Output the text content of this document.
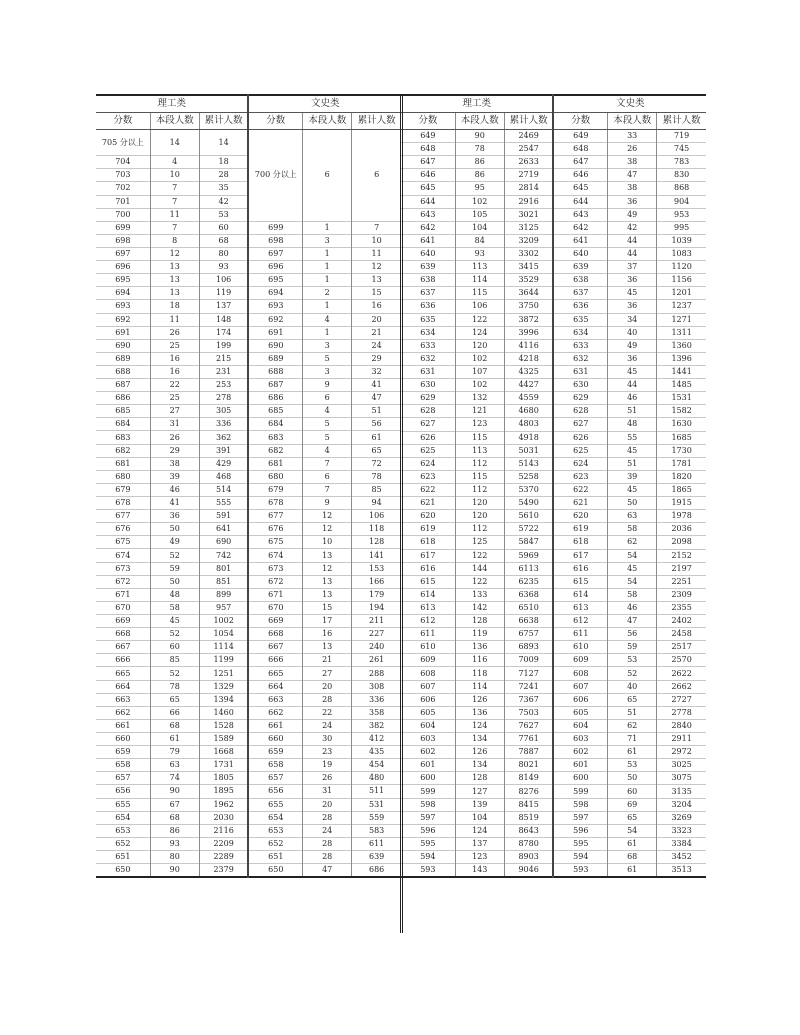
理工类			文史类		
分数	本段人数	累计人数	分数	本段人数	累计人数
705 分以上	14	14	700 分以上	6	6
704	4	18			
703	10	28			
702	7	35			
701	7	42			
700	11	53			
699	7	60	699	1	7
698	8	68	698	3	10
697	12	80	697	1	11
696	13	93	696	1	12
695	13	106	695	1	13
694	13	119	694	2	15
693	18	137	693	1	16
692	11	148	692	4	20
691	26	174	691	1	21
690	25	199	690	3	24
689	16	215	689	5	29
688	16	231	688	3	32
687	22	253	687	9	41
686	25	278	686	6	47
685	27	305	685	4	51
684	31	336	684	5	56
683	26	362	683	5	61
682	29	391	682	4	65
681	38	429	681	7	72
680	39	468	680	6	78
679	46	514	679	7	85
678	41	555	678	9	94
677	36	591	677	12	106
676	50	641	676	12	118
675	49	690	675	10	128
674	52	742	674	13	141
673	59	801	673	12	153
672	50	851	672	13	166
671	48	899	671	13	179
670	58	957	670	15	194
669	45	1002	669	17	211
668	52	1054	668	16	227
667	60	1114	667	13	240
666	85	1199	666	21	261
665	52	1251	665	27	288
664	78	1329	664	20	308
663	65	1394	663	28	336
662	66	1460	662	22	358
661	68	1528	661	24	382
660	61	1589	660	30	412
659	79	1668	659	23	435
658	63	1731	658	19	454
657	74	1805	657	26	480
656	90	1895	656	31	511
655	67	1962	655	20	531
654	68	2030	654	28	559
653	86	2116	653	24	583
652	93	2209	652	28	611
651	80	2289	651	28	639
650	90	2379	650	47	686
理工类			文史类		
分数	本段人数	累计人数	分数	本段人数	累计人数
649	90	2469	649	33	719
648	78	2547	648	26	745
647	86	2633	647	38	783
646	86	2719	646	47	830
645	95	2814	645	38	868
644	102	2916	644	36	904
643	105	3021	643	49	953
642	104	3125	642	42	995
641	84	3209	641	44	1039
640	93	3302	640	44	1083
639	113	3415	639	37	1120
638	114	3529	638	36	1156
637	115	3644	637	45	1201
636	106	3750	636	36	1237
635	122	3872	635	34	1271
634	124	3996	634	40	1311
633	120	4116	633	49	1360
632	102	4218	632	36	1396
631	107	4325	631	45	1441
630	102	4427	630	44	1485
629	132	4559	629	46	1531
628	121	4680	628	51	1582
627	123	4803	627	48	1630
626	115	4918	626	55	1685
625	113	5031	625	45	1730
624	112	5143	624	51	1781
623	115	5258	623	39	1820
622	112	5370	622	45	1865
621	120	5490	621	50	1915
620	120	5610	620	63	1978
619	112	5722	619	58	2036
618	125	5847	618	62	2098
617	122	5969	617	54	2152
616	144	6113	616	45	2197
615	122	6235	615	54	2251
614	133	6368	614	58	2309
613	142	6510	613	46	2355
612	128	6638	612	47	2402
611	119	6757	611	56	2458
610	136	6893	610	59	2517
609	116	7009	609	53	2570
608	118	7127	608	52	2622
607	114	7241	607	40	2662
606	126	7367	606	65	2727
605	136	7503	605	51	2778
604	124	7627	604	62	2840
603	134	7761	603	71	2911
602	126	7887	602	61	2972
601	134	8021	601	53	3025
600	128	8149	600	50	3075
599	127	8276	599	60	3135
598	139	8415	598	69	3204
597	104	8519	597	65	3269
596	124	8643	596	54	3323
595	137	8780	595	61	3384
594	123	8903	594	68	3452
593	143	9046	593	61	3513
